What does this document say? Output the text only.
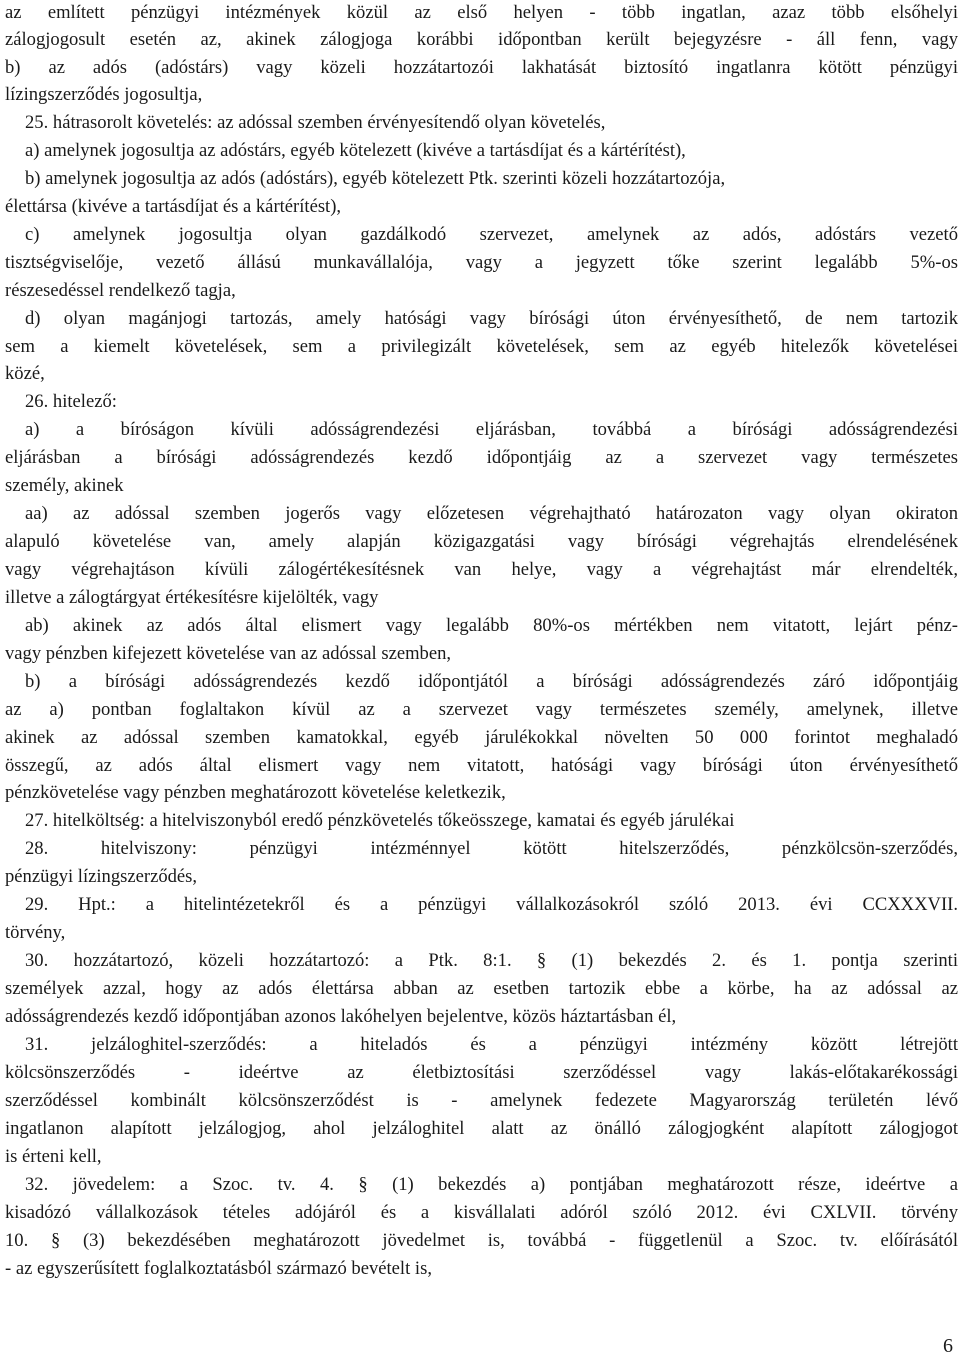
az említett pénzügyi intézmények közül az első helyen - több ingatlan, azaz több elsőhelyi
zálogjogosult esetén az, akinek zálogjoga korábbi időpontban került bejegyzésre - áll fenn, vagy
b) az adós (adóstárs) vagy közeli hozzátartozói lakhatását biztosító ingatlanra kötött pénzügyi
lízingszerződés jogosultja,
25. hátrasorolt követelés: az adóssal szemben érvényesítendő olyan követelés,
a) amelynek jogosultja az adóstárs, egyéb kötelezett (kivéve a tartásdíjat és a kártérítést),
b) amelynek jogosultja az adós (adóstárs), egyéb kötelezett Ptk. szerinti közeli hozzátartozója,
élettársa (kivéve a tartásdíjat és a kártérítést),
c) amelynek jogosultja olyan gazdálkodó szervezet, amelynek az adós, adóstárs vezető
tisztségviselője, vezető állású munkavállalója, vagy a jegyzett tőke szerint legalább 5%-os
részesedéssel rendelkező tagja,
d) olyan magánjogi tartozás, amely hatósági vagy bírósági úton érvényesíthető, de nem tartozik
sem a kiemelt követelések, sem a privilegizált követelések, sem az egyéb hitelezők követelései
közé,
26. hitelező:
a) a bíróságon kívüli adósságrendezési eljárásban, továbbá a bírósági adósságrendezési
eljárásban a bírósági adósságrendezés kezdő időpontjáig az a szervezet vagy természetes
személy, akinek
aa) az adóssal szemben jogerős vagy előzetesen végrehajtható határozaton vagy olyan okiraton
alapuló követelése van, amely alapján közigazgatási vagy bírósági végrehajtás elrendelésének
vagy végrehajtáson kívüli zálogértékesítésnek van helye, vagy a végrehajtást már elrendelték,
illetve a zálogtárgyat értékesítésre kijelölték, vagy
ab) akinek az adós által elismert vagy legalább 80%-os mértékben nem vitatott, lejárt pénz-
vagy pénzben kifejezett követelése van az adóssal szemben,
b) a bírósági adósságrendezés kezdő időpontjától a bírósági adósságrendezés záró időpontjáig
az a) pontban foglaltakon kívül az a szervezet vagy természetes személy, amelynek, illetve
akinek az adóssal szemben kamatokkal, egyéb járulékokkal növelten 50 000 forintot meghaladó
összegű, az adós által elismert vagy nem vitatott, hatósági vagy bírósági úton érvényesíthető
pénzkövetelése vagy pénzben meghatározott követelése keletkezik,
27. hitelköltség: a hitelviszonyból eredő pénzkövetelés tőkeösszege, kamatai és egyéb járulékai
28. hitelviszony: pénzügyi intézménnyel kötött hitelszerződés, pénzkölcsön-szerződés,
pénzügyi lízingszerződés,
29. Hpt.: a hitelintézetekről és a pénzügyi vállalkozásokról szóló 2013. évi CCXXXVII.
törvény,
30. hozzátartozó, közeli hozzátartozó: a Ptk. 8:1. § (1) bekezdés 2. és 1. pontja szerinti
személyek azzal, hogy az adós élettársa abban az esetben tartozik ebbe a körbe, ha az adóssal az
adósságrendezés kezdő időpontjában azonos lakóhelyen bejelentve, közös háztartásban él,
31. jelzáloghitel-szerződés: a hiteladós és a pénzügyi intézmény között létrejött
kölcsönszerződés - ideértve az életbiztosítási szerződéssel vagy lakás-előtakarékossági
szerződéssel kombinált kölcsönszerződést is - amelynek fedezete Magyarország területén lévő
ingatlanon alapított jelzálogjog, ahol jelzáloghitel alatt az önálló zálogjogként alapított zálogjogot
is érteni kell,
32. jövedelem: a Szoc. tv. 4. § (1) bekezdés a) pontjában meghatározott része, ideértve a
kisadózó vállalkozások tételes adójáról és a kisvállalati adóról szóló 2012. évi CXLVII. törvény
10. § (3) bekezdésében meghatározott jövedelmet is, továbbá - függetlenül a Szoc. tv. előírásától
- az egyszerűsített foglalkoztatásból származó bevételt is,
6
